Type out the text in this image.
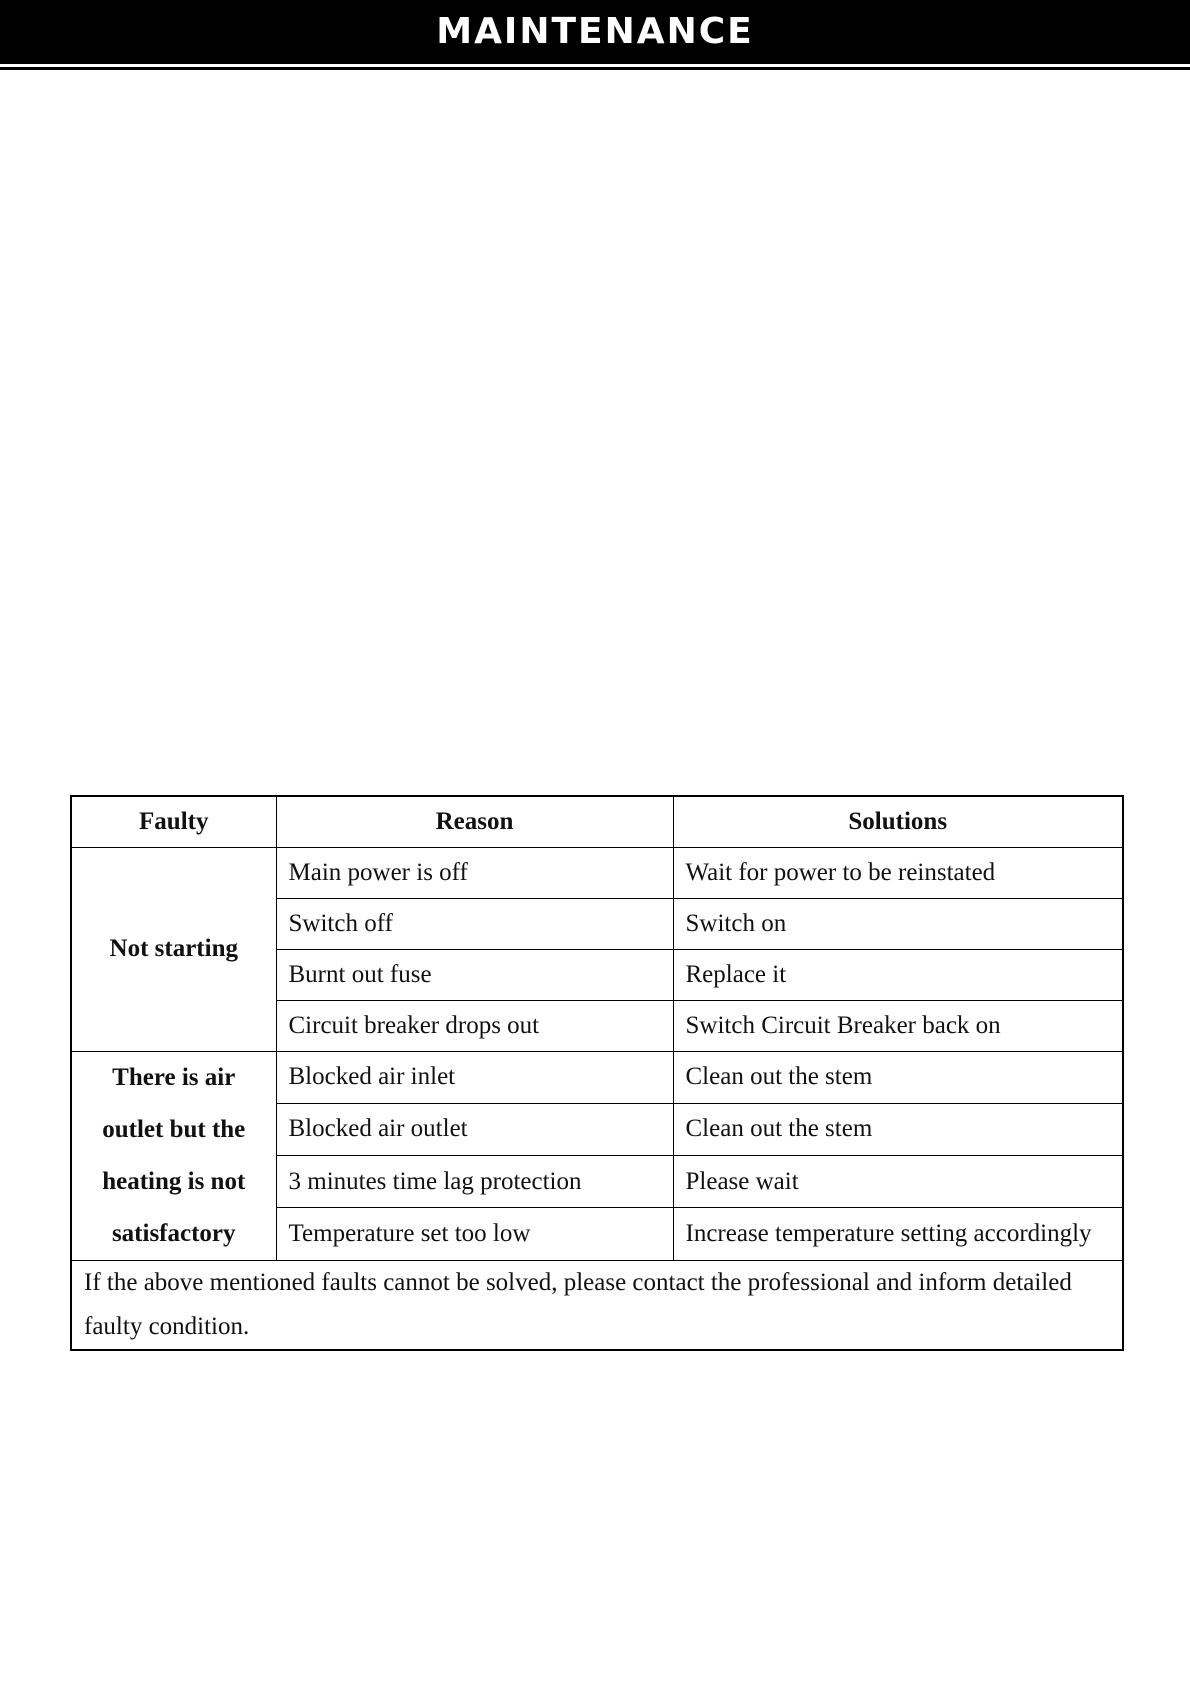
MAINTENANCE
Faulty	Reason	Solutions

Not starting	Main power is off	Wait for power to be reinstated
	Switch off	Switch on
	Burnt out fuse	Replace it
	Circuit breaker drops out	Switch Circuit Breaker back on

There is air outlet but the heating is not satisfactory	Blocked air inlet	Clean out the stem
	Blocked air outlet	Clean out the stem
	3 minutes time lag protection	Please wait
	Temperature set too low	Increase temperature setting accordingly
If the above mentioned faults cannot be solved, please contact the professional and inform detailed faulty condition.		
